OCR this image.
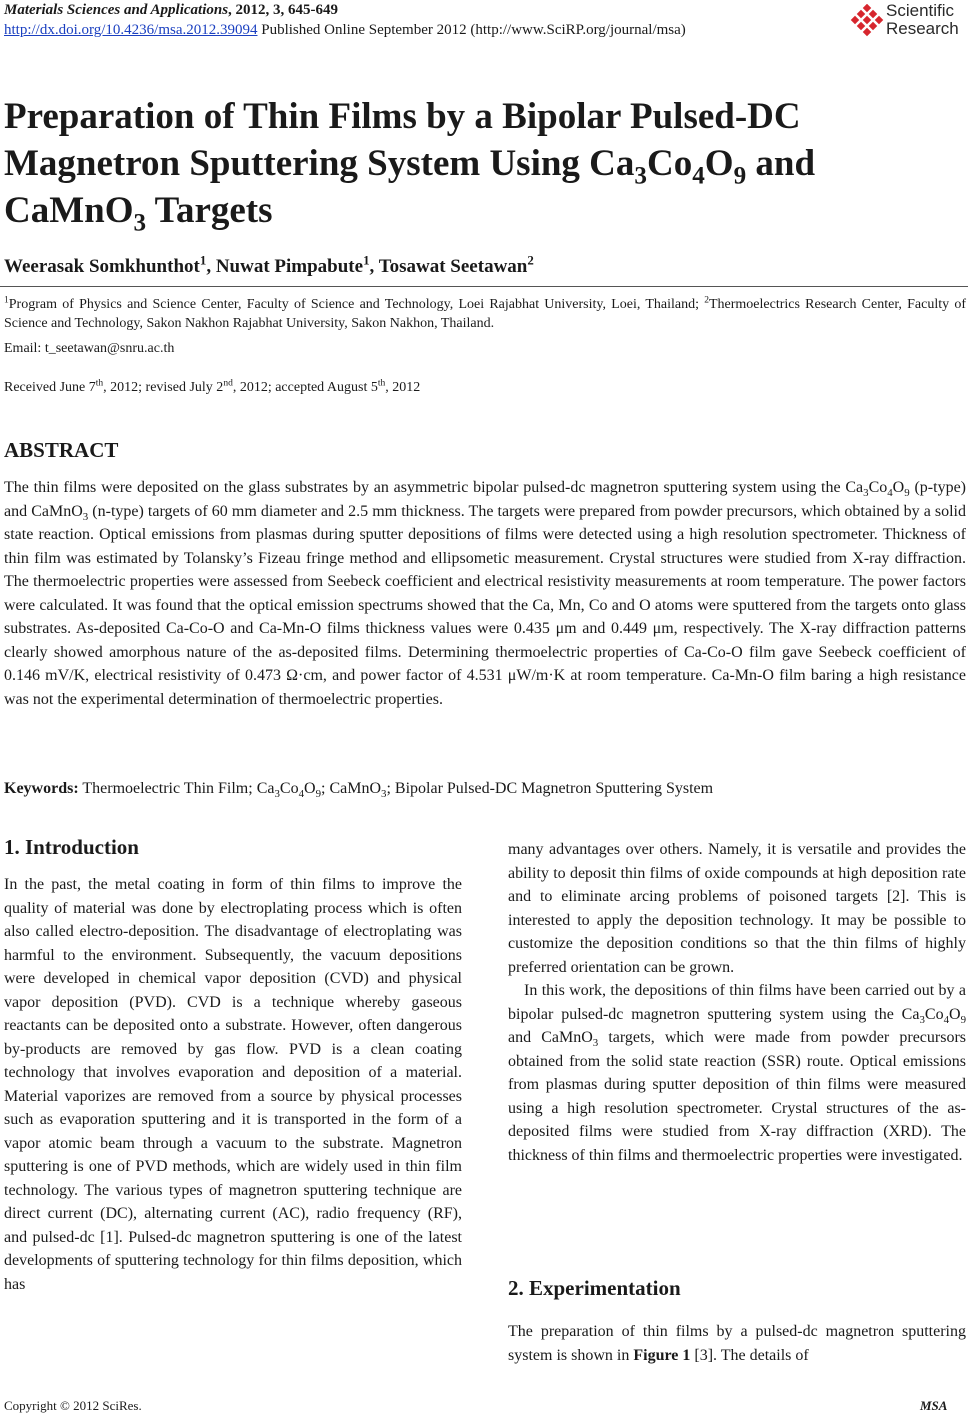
Materials Sciences and Applications, 2012, 3, 645-649
http://dx.doi.org/10.4236/msa.2012.39094 Published Online September 2012 (http://www.SciRP.org/journal/msa)
Scientific
Research
Preparation of Thin Films by a Bipolar Pulsed-DC
Magnetron Sputtering System Using $Ca_3Co_4O_9$ and
CaMnO$_3$ Targets
Weerasak Somkhunthot$^1$, Nuwat Pimpabute$^1$, Tosawat Seetawan$^2$
$^1$Program of Physics and Science Center, Faculty of Science and Technology, Loei Rajabhat University, Loei, Thailand; $^2$Thermoelectrics Research Center, Faculty of Science and Technology, Sakon Nakhon Rajabhat University, Sakon Nakhon, Thailand.
Email: t_seetawan@snru.ac.th
Received June 7th, 2012; revised July 2nd, 2012; accepted August 5th, 2012
ABSTRACT
The thin films were deposited on the glass substrates by an asymmetric bipolar pulsed-dc magnetron sputtering system using the $Ca_3Co_4O_9$ (p-type) and CaMnO$_3$ (n-type) targets of 60 mm diameter and 2.5 mm thickness. The targets were prepared from powder precursors, which obtained by a solid state reaction. Optical emissions from plasmas during sputter depositions of films were detected using a high resolution spectrometer. Thickness of thin film was estimated by Tolansky’s Fizeau fringe method and ellipsometic measurement. Crystal structures were studied from X-ray diffraction. The thermoelectric properties were assessed from Seebeck coefficient and electrical resistivity measurements at room temperature. The power factors were calculated. It was found that the optical emission spectrums showed that the Ca, Mn, Co and O atoms were sputtered from the targets onto glass substrates. As-deposited Ca-Co-O and Ca-Mn-O films thickness values were 0.435 μm and 0.449 μm, respectively. The X-ray diffraction patterns clearly showed amorphous nature of the as-deposited films. Determining thermoelectric properties of Ca-Co-O film gave Seebeck coefficient of 0.146 mV/K, electrical resistivity of 0.473 Ω·cm, and power factor of 4.531 μW/m·K at room temperature. Ca-Mn-O film baring a high resistance was not the experimental determination of thermoelectric properties.
Keywords: Thermoelectric Thin Film; $Ca_3Co_4O_9$; CaMnO$_3$; Bipolar Pulsed-DC Magnetron Sputtering System
1. Introduction

In the past, the metal coating in form of thin films to improve the quality of material was done by electroplating process which is often also called electro-deposition. The disadvantage of electroplating was harmful to the environment. Subsequently, the vacuum depositions were developed in chemical vapor deposition (CVD) and physical vapor deposition (PVD). CVD is a technique whereby gaseous reactants can be deposited onto a substrate. However, often dangerous by-products are removed by gas flow. PVD is a clean coating technology that involves evaporation and deposition of a material. Material vaporizes are removed from a source by physical processes such as evaporation sputtering and it is transported in the form of a vapor atomic beam through a vacuum to the substrate. Magnetron sputtering is one of PVD methods, which are widely used in thin film technology. The various types of magnetron sputtering technique are direct current (DC), alternating current (AC), radio frequency (RF), and pulsed-dc [1]. Pulsed-dc magnetron sputtering is one of the latest developments of sputtering technology for thin films deposition, which has

many advantages over others. Namely, it is versatile and provides the ability to deposit thin films of oxide compounds at high deposition rate and to eliminate arcing problems of poisoned targets [2]. This is interested to apply the deposition technology. It may be possible to customize the deposition conditions so that the thin films of highly preferred orientation can be grown.

In this work, the depositions of thin films have been carried out by a bipolar pulsed-dc magnetron sputtering system using the $Ca_3Co_4O_9$ and CaMnO$_3$ targets, which were made from powder precursors obtained from the solid state reaction (SSR) route. Optical emissions from plasmas during sputter deposition of thin films were measured using a high resolution spectrometer. Crystal structures of the as-deposited films were studied from X-ray diffraction (XRD). The thickness of thin films and thermoelectric properties were investigated.

2. Experimentation
The preparation of thin films by a pulsed-dc magnetron sputtering system is shown in Figure 1 [3]. The details of
Copyright © 2012 SciRes.	MSA
